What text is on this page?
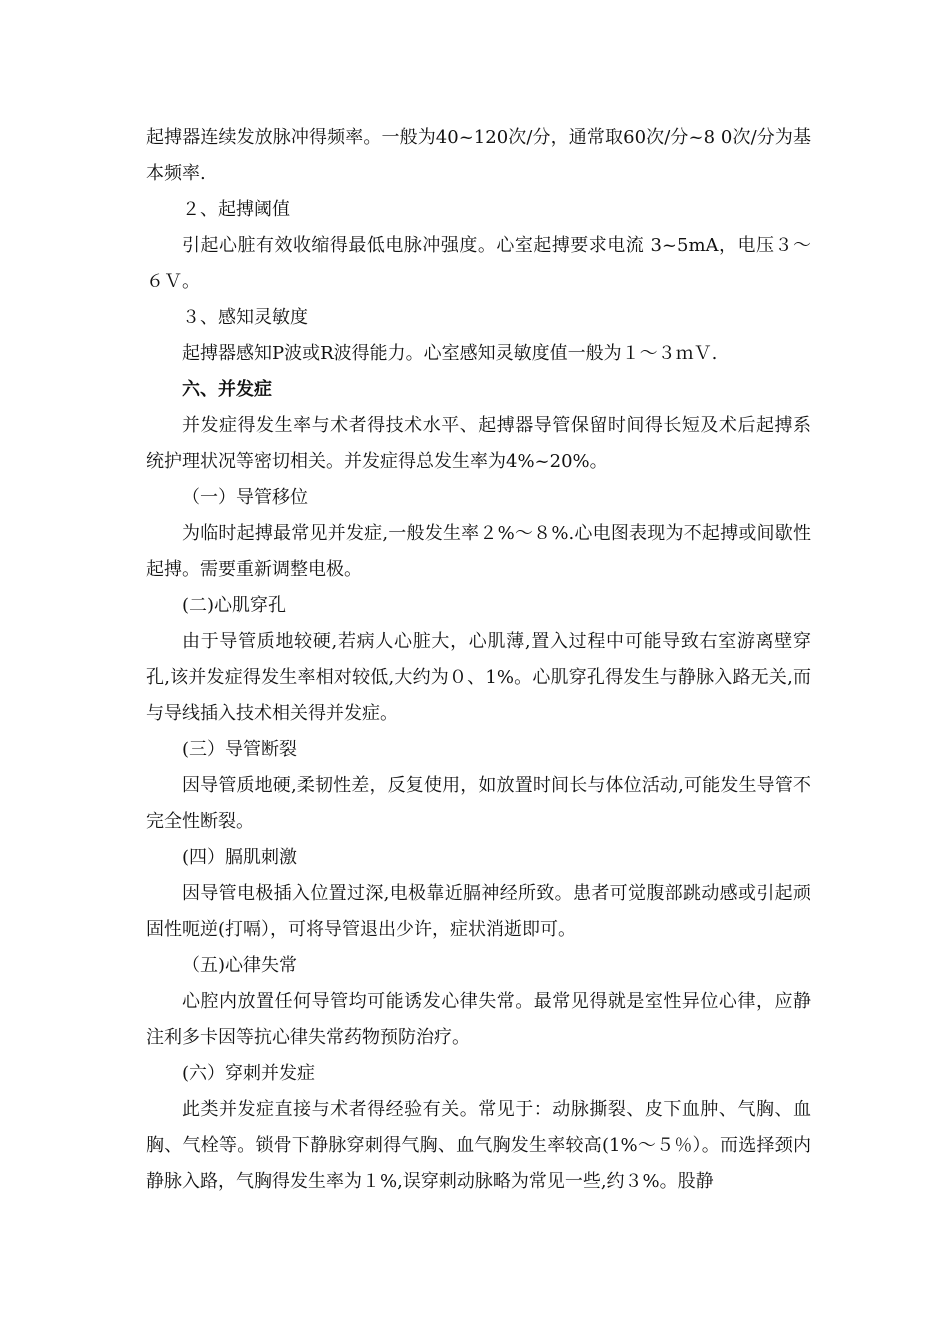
起搏器连续发放脉冲得频率。一般为40~120次/分，通常取60次/分~8 0次/分为基本频率.

２、起搏阈值

引起心脏有效收缩得最低电脉冲强度。心室起搏要求电流 3~5mA，电压３～６Ｖ。

３、感知灵敏度

起搏器感知P波或R波得能力。心室感知灵敏度值一般为１～３ｍＶ.

六、并发症

并发症得发生率与术者得技术水平、起搏器导管保留时间得长短及术后起搏系统护理状况等密切相关。并发症得总发生率为4%~20%。

（一）导管移位

为临时起搏最常见并发症,一般发生率２%～８%.心电图表现为不起搏或间歇性起搏。需要重新调整电极。

(二)心肌穿孔

由于导管质地较硬,若病人心脏大，心肌薄,置入过程中可能导致右室游离壁穿孔,该并发症得发生率相对较低,大约为０、1%。心肌穿孔得发生与静脉入路无关,而与导线插入技术相关得并发症。

(三）导管断裂

因导管质地硬,柔韧性差，反复使用，如放置时间长与体位活动,可能发生导管不完全性断裂。

(四）膈肌刺激

因导管电极插入位置过深,电极靠近膈神经所致。患者可觉腹部跳动感或引起顽固性呃逆(打嗝），可将导管退出少许，症状消逝即可。

（五)心律失常

心腔内放置任何导管均可能诱发心律失常。最常见得就是室性异位心律，应静注利多卡因等抗心律失常药物预防治疗。

(六）穿刺并发症

此类并发症直接与术者得经验有关。常见于：动脉撕裂、皮下血肿、气胸、血胸、气栓等。锁骨下静脉穿刺得气胸、血气胸发生率较高(1%～５％）。而选择颈内静脉入路，气胸得发生率为１%,误穿刺动脉略为常见一些,约３%。股静
